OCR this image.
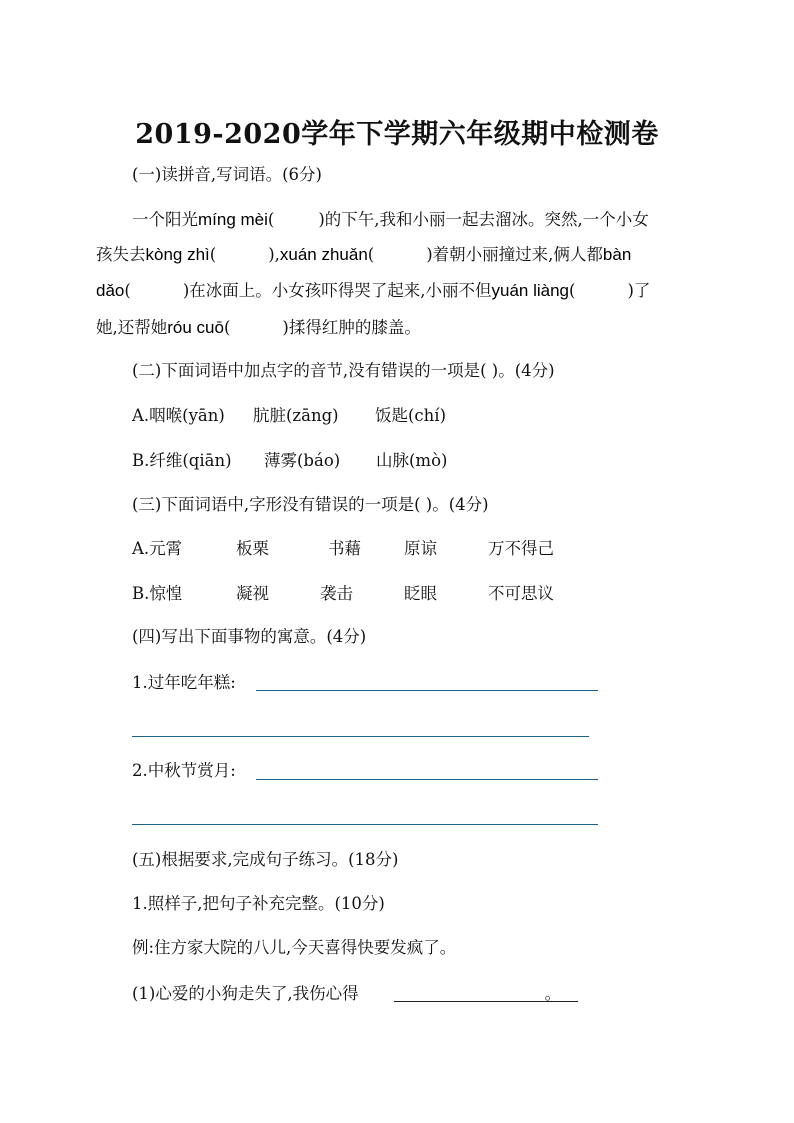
2019-2020学年下学期六年级期中检测卷
(一)读拼音,写词语。(6分)
一个阳光míng mèi(	)的下午,我和小丽一起去溜冰。突然,一个小女
孩失去kòng zhì(	),xuán zhuǎn(	)着朝小丽撞过来,俩人都bàn
dǎo(	)在冰面上。小女孩吓得哭了起来,小丽不但yuán liàng(	)了
她,还帮她róu cuō(	)揉得红肿的膝盖。
(二)下面词语中加点字的音节,没有错误的一项是( )。(4分)
A.咽喉(yān) 肮脏(zāng) 饭匙(chí)
B.纤维(qiān) 薄雾(báo) 山脉(mò)
(三)下面词语中,字形没有错误的一项是( )。(4分)
A.元霄	板栗	书藉	原谅	万不得己
B.惊惶	凝视	袭击	眨眼	不可思议
(四)写出下面事物的寓意。(4分)
1.过年吃年糕:
2.中秋节赏月:
(五)根据要求,完成句子练习。(18分)
1.照样子,把句子补充完整。(10分)
例:住方家大院的八儿,今天喜得快要发疯了。
(1)心爱的小狗走失了,我伤心得	。
